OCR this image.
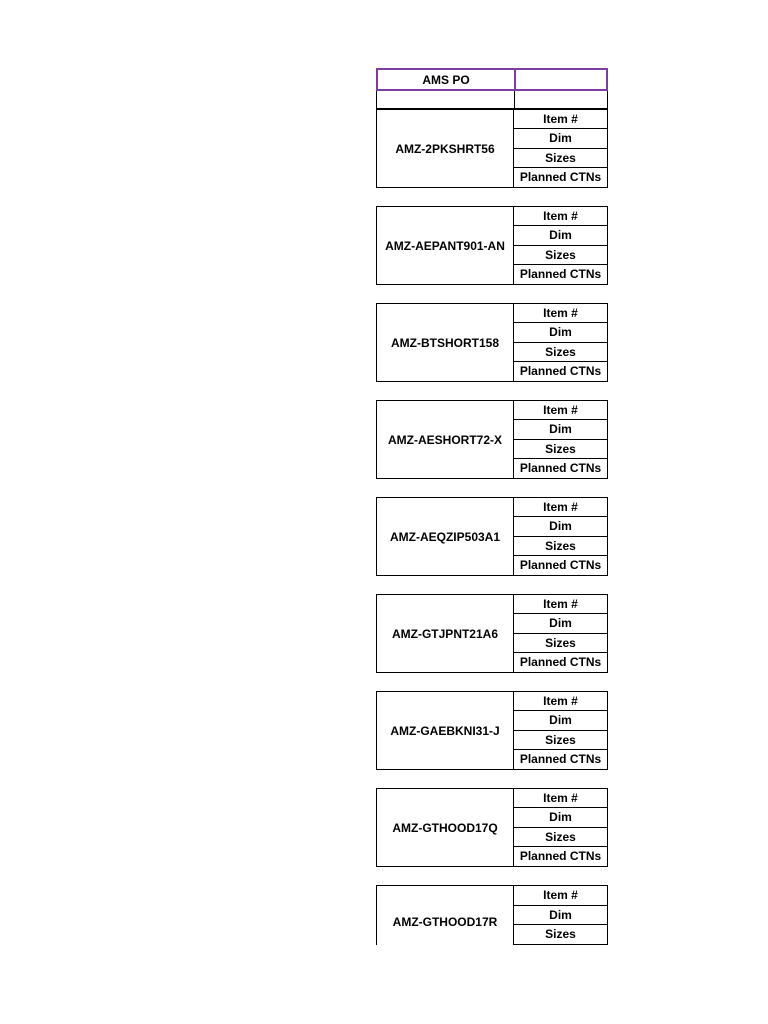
AMS PO
AMZ-2PKSHRT56
Item #
Dim
Sizes
Planned CTNs
AMZ-AEPANT901-AN
Item #
Dim
Sizes
Planned CTNs
AMZ-BTSHORT158
Item #
Dim
Sizes
Planned CTNs
AMZ-AESHORT72-X
Item #
Dim
Sizes
Planned CTNs
AMZ-AEQZIP503A1
Item #
Dim
Sizes
Planned CTNs
AMZ-GTJPNT21A6
Item #
Dim
Sizes
Planned CTNs
AMZ-GAEBKNI31-J
Item #
Dim
Sizes
Planned CTNs
AMZ-GTHOOD17Q
Item #
Dim
Sizes
Planned CTNs
AMZ-GTHOOD17R
Item #
Dim
Sizes
